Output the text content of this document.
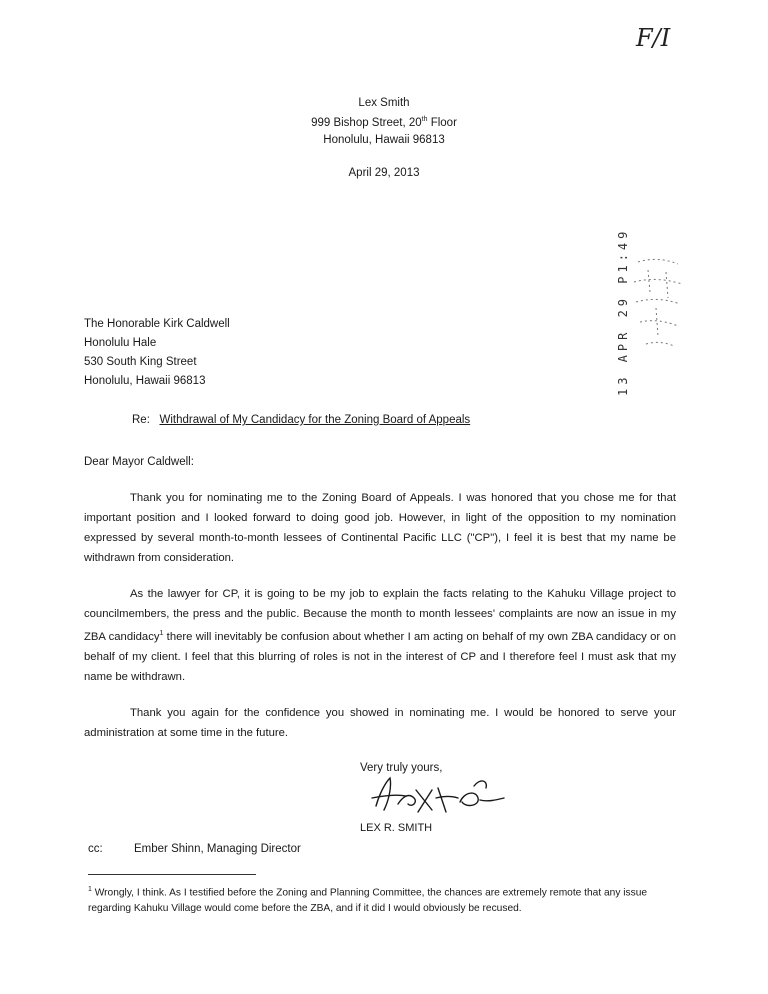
F/I
Lex Smith
999 Bishop Street, 20th Floor
Honolulu, Hawaii 96813
April 29, 2013
13 APR 29 P1:49
The Honorable Kirk Caldwell
Honolulu Hale
530 South King Street
Honolulu, Hawaii 96813
Re: Withdrawal of My Candidacy for the Zoning Board of Appeals
Dear Mayor Caldwell:
Thank you for nominating me to the Zoning Board of Appeals. I was honored that you chose me for that important position and I looked forward to doing good job. However, in light of the opposition to my nomination expressed by several month-to-month lessees of Continental Pacific LLC ("CP"), I feel it is best that my name be withdrawn from consideration.
As the lawyer for CP, it is going to be my job to explain the facts relating to the Kahuku Village project to councilmembers, the press and the public. Because the month to month lessees' complaints are now an issue in my ZBA candidacy$^1$ there will inevitably be confusion about whether I am acting on behalf of my own ZBA candidacy or on behalf of my client. I feel that this blurring of roles is not in the interest of CP and I therefore feel I must ask that my name be withdrawn.
Thank you again for the confidence you showed in nominating me. I would be honored to serve your administration at some time in the future.
Very truly yours,
LEX R. SMITH
cc:	Ember Shinn, Managing Director
$^1$ Wrongly, I think. As I testified before the Zoning and Planning Committee, the chances are extremely remote that any issue regarding Kahuku Village would come before the ZBA, and if it did I would obviously be recused.
